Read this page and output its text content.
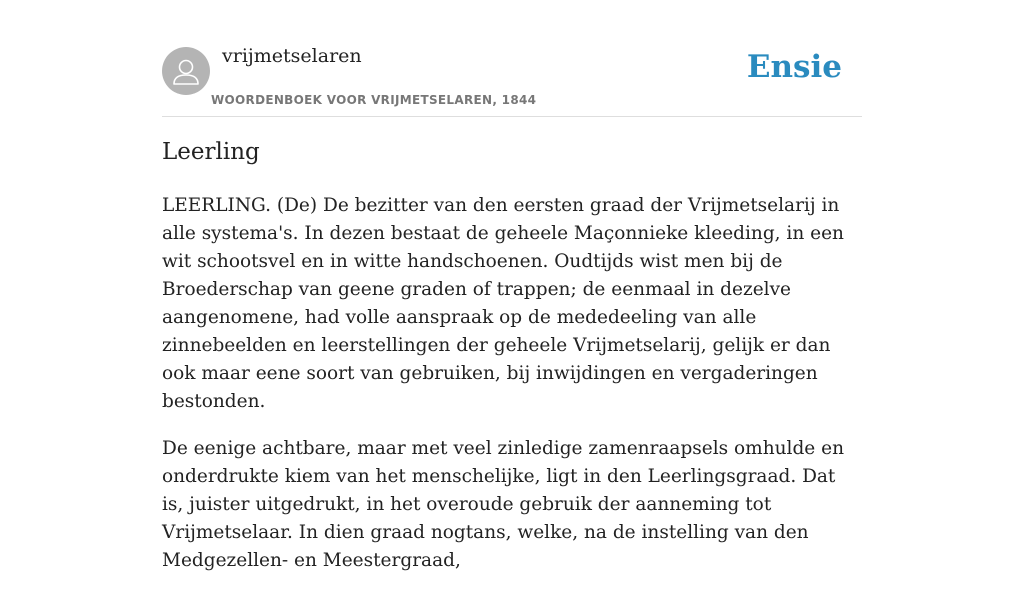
vrijmetselaren
WOORDENBOEK VOOR VRIJMETSELAREN, 1844
Ensie
Leerling

LEERLING. (De) De bezitter van den eersten graad der Vrijmetselarij in alle systema's. In dezen bestaat de geheele Maçonnieke kleeding, in een wit schootsvel en in witte handschoenen. Oudtijds wist men bij de Broederschap van geene graden of trappen; de eenmaal in dezelve aangenomene, had volle aanspraak op de mededeeling van alle zinnebeelden en leerstellingen der geheele Vrijmetselarij, gelijk er dan ook maar eene soort van gebruiken, bij inwijdingen en vergaderingen bestonden.

De eenige achtbare, maar met veel zinledige zamenraapsels omhulde en onderdrukte kiem van het menschelijke, ligt in den Leerlingsgraad. Dat is, juister uitgedrukt, in het overoude gebruik der aanneming tot Vrijmetselaar. In dien graad nogtans, welke, na de instelling van den Medgezellen- en Meestergraad,
